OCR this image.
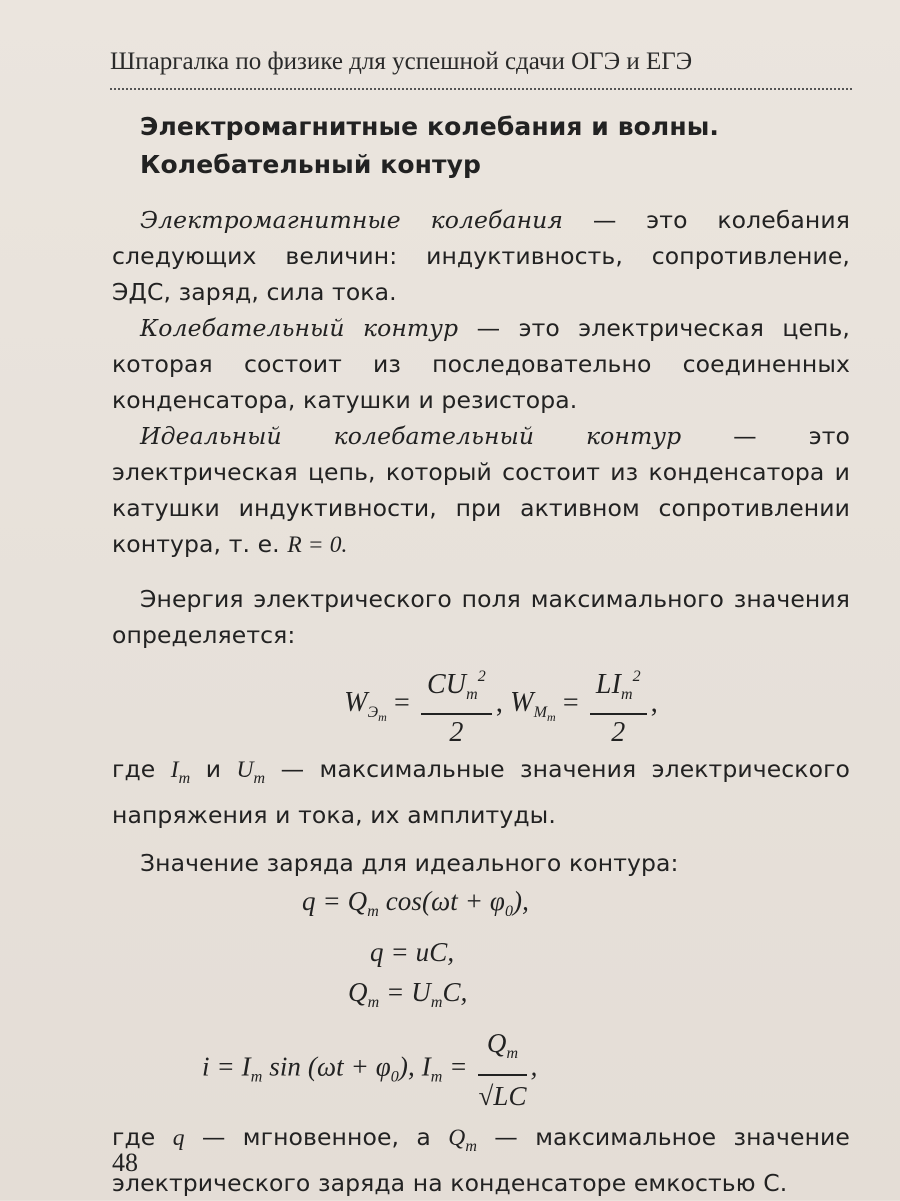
Шпаргалка по физике для успешной сдачи ОГЭ и ЕГЭ
Электромагнитные колебания и волны.
Колебательный контур

Электромагнитные колебания — это колебания следующих величин: индуктивность, сопротивление, ЭДС, заряд, сила тока.

Колебательный контур — это электрическая цепь, которая состоит из последовательно соединенных конденсатора, катушки и резистора.

Идеальный колебательный контур — это электрическая цепь, который состоит из конденсатора и катушки индуктивности, при активном сопротивлении контура, т. е. R = 0.

Энергия электрического поля максимального значения определяется:

$W_{Эm} = \frac{CU_m^2}{2}$ , $W_{Mm} = \frac{LI_m^2}{2}$ ,

где $I_m$ и $U_m$ — максимальные значения электрического напряжения и тока, их амплитуды.

Значение заряда для идеального контура:

$q = Q_m$ $\cos(\omega t + \varphi_0)$,
q = uC,
$Q_m = U_mC$,
$i = I_m$ $\sin (\omega t + \varphi_0)$, $I_m = \frac{Q_m}{√LC}$ ,

где q — мгновенное, а $Q_m$ — максимальное значение электрического заряда на конденсаторе емкостью С.

48
